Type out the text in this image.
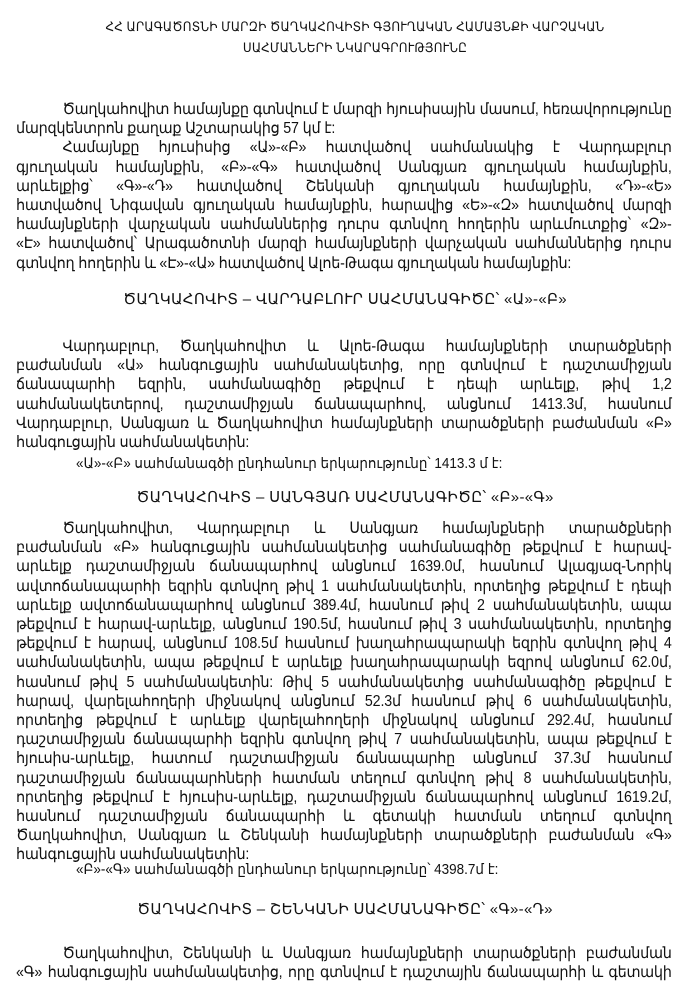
ՀՀ ԱՐԱԳԱԾՈՏՆԻ ՄԱՐԶԻ ԾԱՂԿԱՀՈՎԻՏԻ ԳՅՈՒՂԱԿԱՆ ՀԱՄԱՅՆՔԻ ՎԱՐՉԱԿԱՆ
ՍԱՀՄԱՆՆԵՐԻ ՆԿԱՐԱԳՐՈՒԹՅՈՒՆԸ
Ծաղկահովիտ համայնքը գտնվում է մարզի հյուսիսային մասում, հեռավորությունը
մարզկենտրոն քաղաք Աշտարակից 57 կմ է:
Համայնքը հյուսիսից «Ա»-«Բ» հատվածով սահմանակից է Վարդաբլուր
գյուղական համայնքին, «Բ»-«Գ» հատվածով Սանգյառ գյուղական համայնքին,
արևելքից՝ «Գ»-«Դ» հատվածով Շենկանի գյուղական համայնքին, «Դ»-«Ե»
հատվածով Նիգավան գյուղական համայնքին, հարավից «Ե»-«Զ» հատվածով մարզի
համայնքների վարչական սահմաններից դուրս գտնվող հողերին արևմուտքից՝ «Զ»-
«Է» հատվածով՝ Արագածոտնի մարզի համայնքների վարչական սահմաններից դուրս
գտնվող հողերին և «Է»-«Ա» հատվածով Ալոե-Թագա գյուղական համայնքին:
ԾԱՂԿԱՀՈՎԻՏ – ՎԱՐԴԱԲԼՈՒՐ ՍԱՀՄԱՆԱԳԻԾԸ՝ «Ա»-«Բ»
Վարդաբլուր, Ծաղկահովիտ և Ալոե-Թագա համայնքների տարածքների
բաժանման «Ա» հանգուցային սահմանակետից, որը գտնվում է դաշտամիջյան
ճանապարհի եզրին, սահմանագիծը թեքվում է դեպի արևելք, թիվ 1,2
սահմանակետերով, դաշտամիջյան ճանապարհով, անցնում 1413.3մ, հասնում
Վարդաբլուր, Սանգյառ և Ծաղկահովիտ համայնքների տարածքների բաժանման «Բ»
հանգուցային սահմանակետին:
«Ա»-«Բ» սահմանագծի ընդհանուր երկարությունը՝ 1413.3 մ է:
ԾԱՂԿԱՀՈՎԻՏ – ՍԱՆԳՅԱՌ ՍԱՀՄԱՆԱԳԻԾԸ՝ «Բ»-«Գ»
Ծաղկահովիտ, Վարդաբլուր և Սանգյառ համայնքների տարածքների
բաժանման «Բ» հանգուցային սահմանակետից սահմանագիծը թեքվում է հարավ-
արևելք դաշտամիջյան ճանապարհով անցնում 1639.0մ, հասնում Ալագյազ-Նորիկ
ավտոճանապարհի եզրին գտնվող թիվ 1 սահմանակետին, որտեղից թեքվում է դեպի
արևելք ավտոճանապարհով անցնում 389.4մ, հասնում թիվ 2 սահմանակետին, ապա
թեքվում է հարավ-արևելք, անցնում 190.5մ, հասնում թիվ 3 սահմանակետին, որտեղից
թեքվում է հարավ, անցնում 108.5մ հասնում խաղահրապարակի եզրին գտնվող թիվ 4
սահմանակետին, ապա թեքվում է արևելք խաղահրապարակի եզրով անցնում 62.0մ,
հասնում թիվ 5 սահմանակետին: Թիվ 5 սահմանակետից սահմանագիծը թեքվում է
հարավ, վարելահողերի միջնակով անցնում 52.3մ հասնում թիվ 6 սահմանակետին,
որտեղից թեքվում է արևելք վարելահողերի միջնակով անցնում 292.4մ, հասնում
դաշտամիջյան ճանապարհի եզրին գտնվող թիվ 7 սահմանակետին, ապա թեքվում է
հյուսիս-արևելք, հատում դաշտամիջյան ճանապարհը անցնում 37.3մ հասնում
դաշտամիջյան ճանապարհների հատման տեղում գտնվող թիվ 8 սահմանակետին,
որտեղից թեքվում է հյուսիս-արևելք, դաշտամիջյան ճանապարհով անցնում 1619.2մ,
հասնում դաշտամիջյան ճանապարհի և գետակի հատման տեղում գտնվող
Ծաղկահովիտ, Սանգյառ և Շենկանի համայնքների տարածքների բաժանման «Գ»
հանգուցային սահմանակետին:
«Բ»-«Գ» սահմանագծի ընդհանուր երկարությունը՝ 4398.7մ է:
ԾԱՂԿԱՀՈՎԻՏ – ՇԵՆԿԱՆԻ ՍԱՀՄԱՆԱԳԻԾԸ՝ «Գ»-«Դ»
Ծաղկահովիտ, Շենկանի և Սանգյառ համայնքների տարածքների բաժանման
«Գ» հանգուցային սահմանակետից, որը գտնվում է դաշտային ճանապարհի և գետակի
